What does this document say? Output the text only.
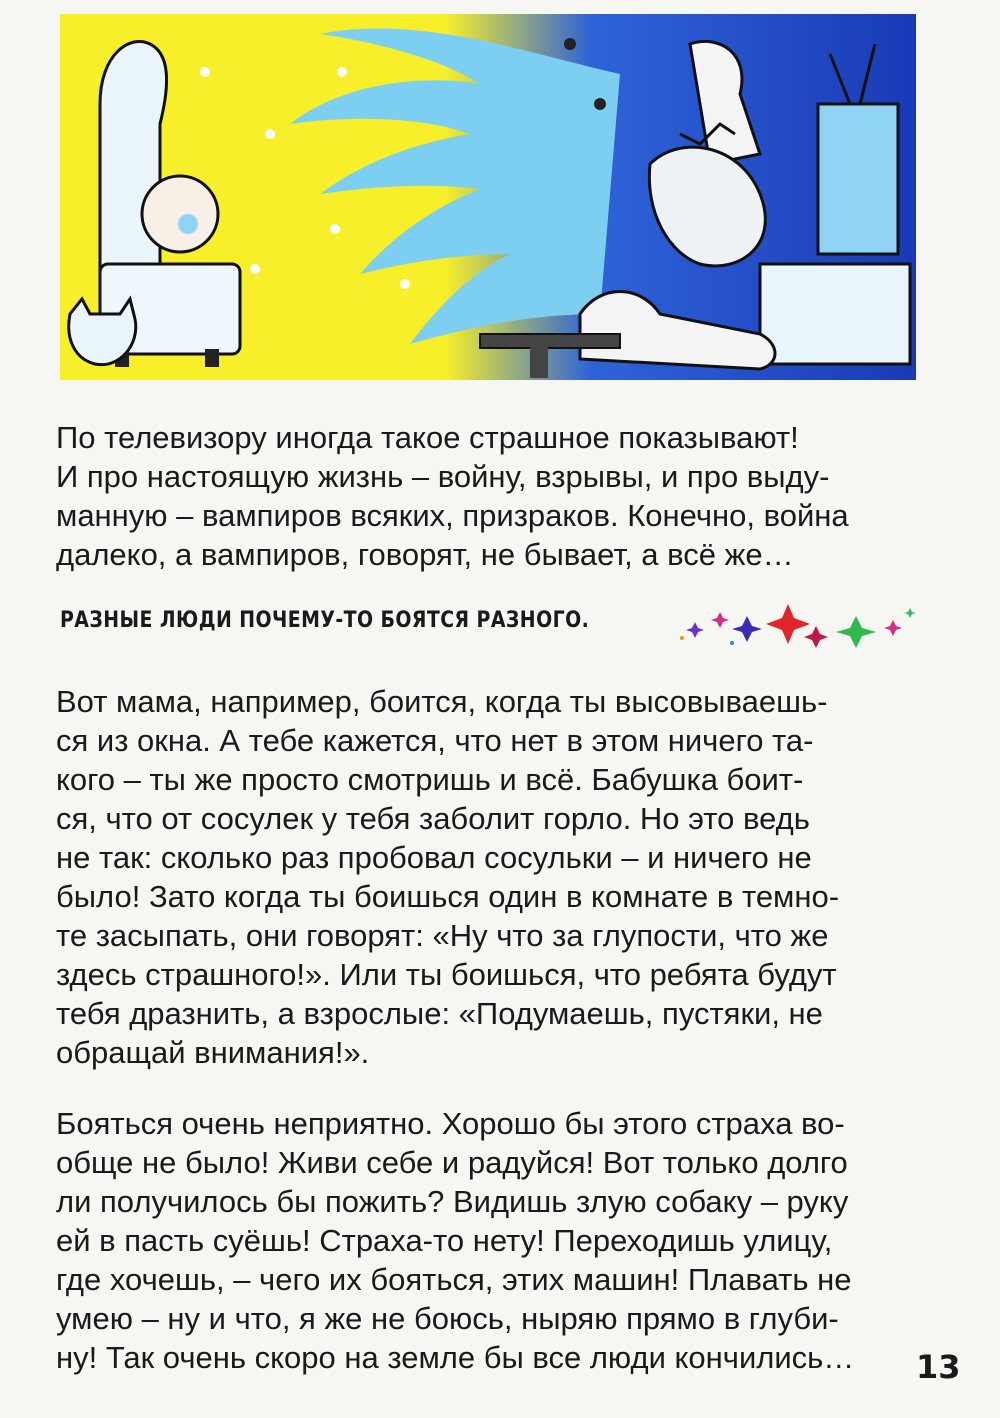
По телевизору иногда такое страшное показывают!
И про настоящую жизнь – войну, взрывы, и про выду-
манную – вампиров всяких, призраков. Конечно, война
далеко, а вампиров, говорят, не бывает, а всё же…

РАЗНЫЕ ЛЮДИ ПОЧЕМУ-ТО БОЯТСЯ РАЗНОГО.

Вот мама, например, боится, когда ты высовываешь-
ся из окна. А тебе кажется, что нет в этом ничего та-
кого – ты же просто смотришь и всё. Бабушка боит-
ся, что от сосулек у тебя заболит горло. Но это ведь
не так: сколько раз пробовал сосульки – и ничего не
было! Зато когда ты боишься один в комнате в темно-
те засыпать, они говорят: «Ну что за глупости, что же
здесь страшного!». Или ты боишься, что ребята будут
тебя дразнить, а взрослые: «Подумаешь, пустяки, не
обращай внимания!».

Бояться очень неприятно. Хорошо бы этого страха во-
обще не было! Живи себе и радуйся! Вот только долго
ли получилось бы пожить? Видишь злую собаку – руку
ей в пасть суёшь! Страха-то нету! Переходишь улицу,
где хочешь, – чего их бояться, этих машин! Плавать не
умею – ну и что, я же не боюсь, ныряю прямо в глуби-
ну! Так очень скоро на земле бы все люди кончились…	13
